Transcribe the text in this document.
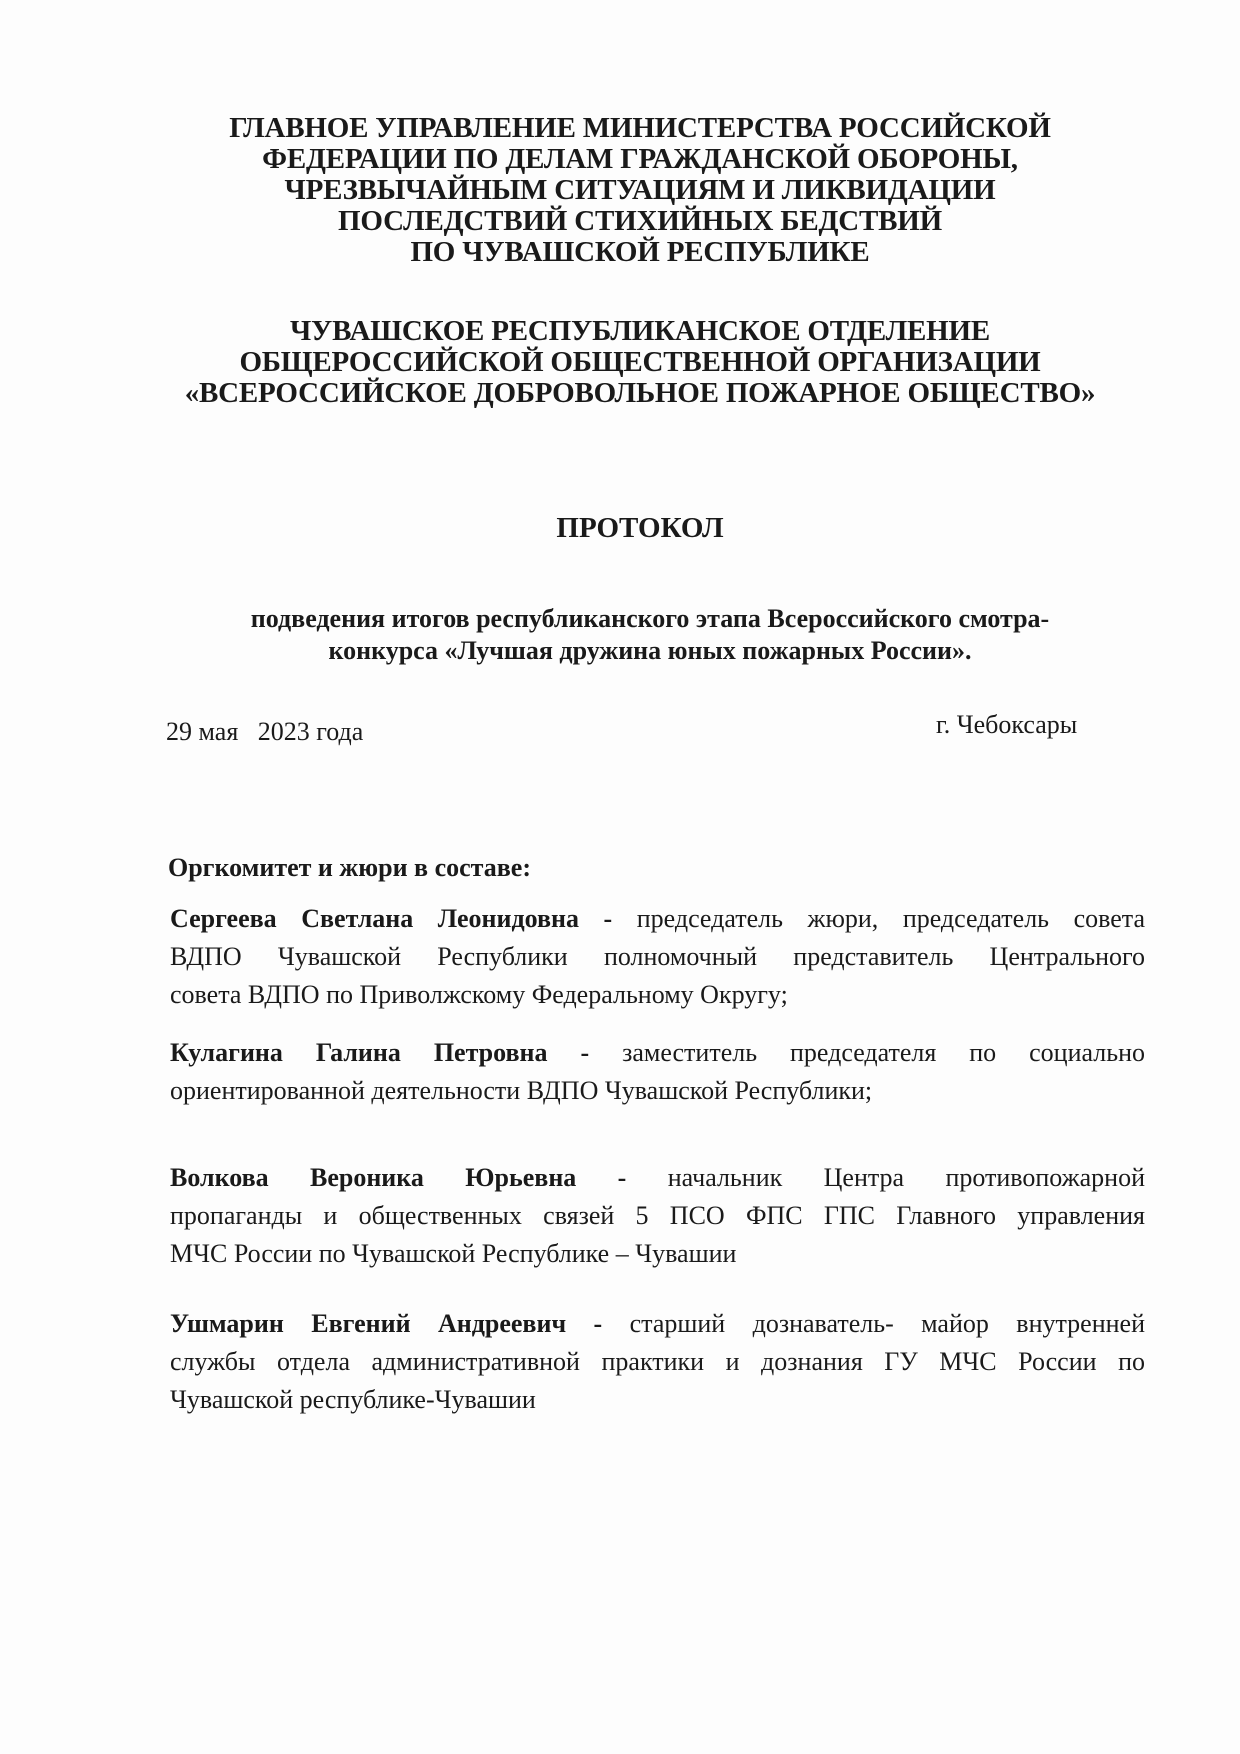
ГЛАВНОЕ УПРАВЛЕНИЕ МИНИСТЕРСТВА РОССИЙСКОЙ
ФЕДЕРАЦИИ ПО ДЕЛАМ ГРАЖДАНСКОЙ ОБОРОНЫ,
ЧРЕЗВЫЧАЙНЫМ СИТУАЦИЯМ И ЛИКВИДАЦИИ
ПОСЛЕДСТВИЙ СТИХИЙНЫХ БЕДСТВИЙ
ПО ЧУВАШСКОЙ РЕСПУБЛИКЕ
ЧУВАШСКОЕ РЕСПУБЛИКАНСКОЕ ОТДЕЛЕНИЕ
ОБЩЕРОССИЙСКОЙ ОБЩЕСТВЕННОЙ ОРГАНИЗАЦИИ
«ВСЕРОССИЙСКОЕ ДОБРОВОЛЬНОЕ ПОЖАРНОЕ ОБЩЕСТВО»
ПРОТОКОЛ
подведения итогов республиканского этапа Всероссийского смотра-
конкурса «Лучшая дружина юных пожарных России».
29 мая   2023 года	г. Чебоксары
Оргкомитет и жюри в составе:
Сергеева Светлана Леонидовна - председатель жюри, председатель совета
ВДПО Чувашской Республики полномочный представитель Центрального
совета ВДПО по Приволжскому Федеральному Округу;
Кулагина Галина Петровна - заместитель председателя по социально
ориентированной деятельности ВДПО Чувашской Республики;
Волкова Вероника Юрьевна - начальник Центра противопожарной
пропаганды и общественных связей 5 ПСО ФПС ГПС Главного управления
МЧС России по Чувашской Республике – Чувашии
Ушмарин Евгений Андреевич - старший дознаватель- майор внутренней
службы отдела административной практики и дознания ГУ МЧС России по
Чувашской республике-Чувашии
